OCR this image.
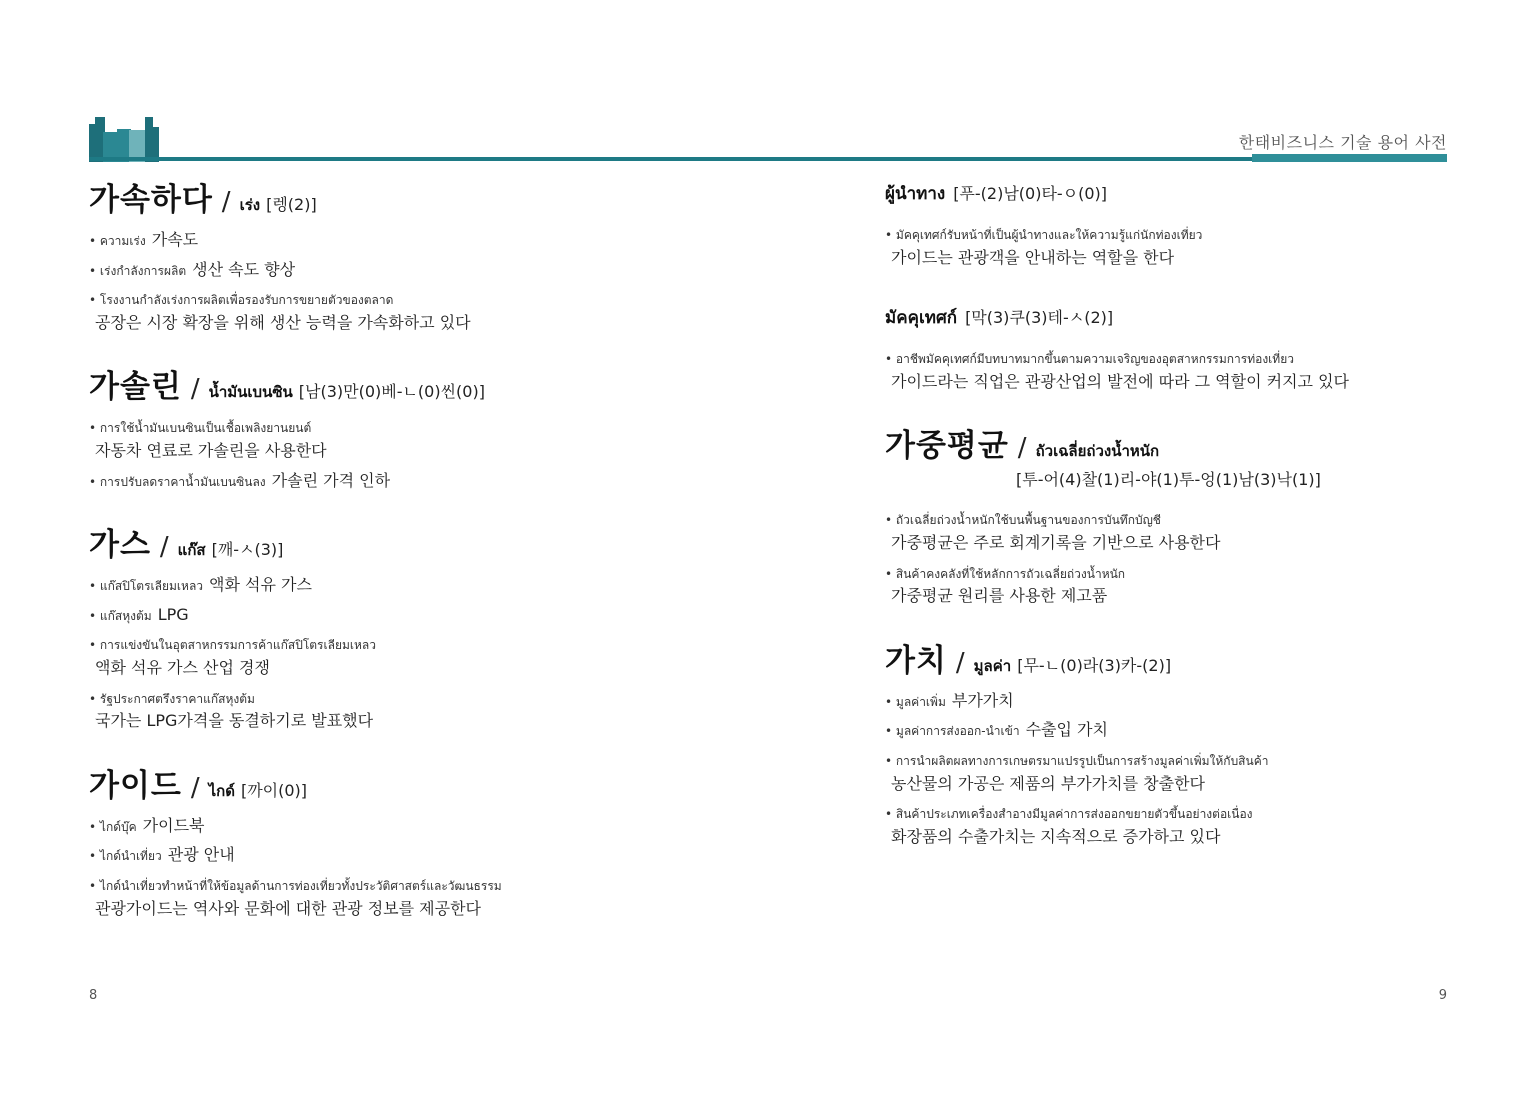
한태비즈니스 기술 용어 사전
가속하다 / เร่ง [렝(2)]
• ความเร่ง 가속도
• เร่งกำลังการผลิต 생산 속도 향상
• โรงงานกำลังเร่งการผลิตเพื่อรองรับการขยายตัวของตลาด
공장은 시장 확장을 위해 생산 능력을 가속화하고 있다
가솔린 / น้ำมันเบนซิน [남(3)만(0)베-ㄴ(0)씬(0)]
• การใช้น้ำมันเบนซินเป็นเชื้อเพลิงยานยนต์
자동차 연료로 가솔린을 사용한다
• การปรับลดราคาน้ำมันเบนซินลง 가솔린 가격 인하
가스 / แก๊ส [깨-ㅅ(3)]
• แก๊สปิโตรเลียมเหลว 액화 석유 가스
• แก๊สหุงต้ม LPG
• การแข่งขันในอุตสาหกรรมการค้าแก๊สปิโตรเลียมเหลว
액화 석유 가스 산업 경쟁
• รัฐประกาศตรึงราคาแก๊สหุงต้ม
국가는 LPG가격을 동결하기로 발표했다
가이드 / ไกด์ [까이(0)]
• ไกด์บุ๊ค 가이드북
• ไกด์นำเที่ยว 관광 안내
• ไกด์นำเที่ยวทำหน้าที่ให้ข้อมูลด้านการท่องเที่ยวทั้งประวัติศาสตร์และวัฒนธรรม
관광가이드는 역사와 문화에 대한 관광 정보를 제공한다
ผู้นำทาง [푸-(2)남(0)타-ㅇ(0)]
• มัคคุเทศก์รับหน้าที่เป็นผู้นำทางและให้ความรู้แก่นักท่องเที่ยว
가이드는 관광객을 안내하는 역할을 한다
มัคคุเทศก์ [막(3)쿠(3)테-ㅅ(2)]
• อาชีพมัคคุเทศก์มีบทบาทมากขึ้นตามความเจริญของอุตสาหกรรมการท่องเที่ยว
가이드라는 직업은 관광산업의 발전에 따라 그 역할이 커지고 있다
가중평균 / ถัวเฉลี่ยถ่วงน้ำหนัก
[투-어(4)찰(1)리-야(1)투-엉(1)남(3)낙(1)]
• ถัวเฉลี่ยถ่วงน้ำหนักใช้บนพื้นฐานของการบันทึกบัญชี
가중평균은 주로 회계기록을 기반으로 사용한다
• สินค้าคงคลังที่ใช้หลักการถัวเฉลี่ยถ่วงน้ำหนัก
가중평균 원리를 사용한 제고품
가치 / มูลค่า [무-ㄴ(0)라(3)카-(2)]
• มูลค่าเพิ่ม 부가가치
• มูลค่าการส่งออก-นำเข้า 수출입 가치
• การนำผลิตผลทางการเกษตรมาแปรรูปเป็นการสร้างมูลค่าเพิ่มให้กับสินค้า
농산물의 가공은 제품의 부가가치를 창출한다
• สินค้าประเภทเครื่องสำอางมีมูลค่าการส่งออกขยายตัวขึ้นอย่างต่อเนื่อง
화장품의 수출가치는 지속적으로 증가하고 있다
8	9
